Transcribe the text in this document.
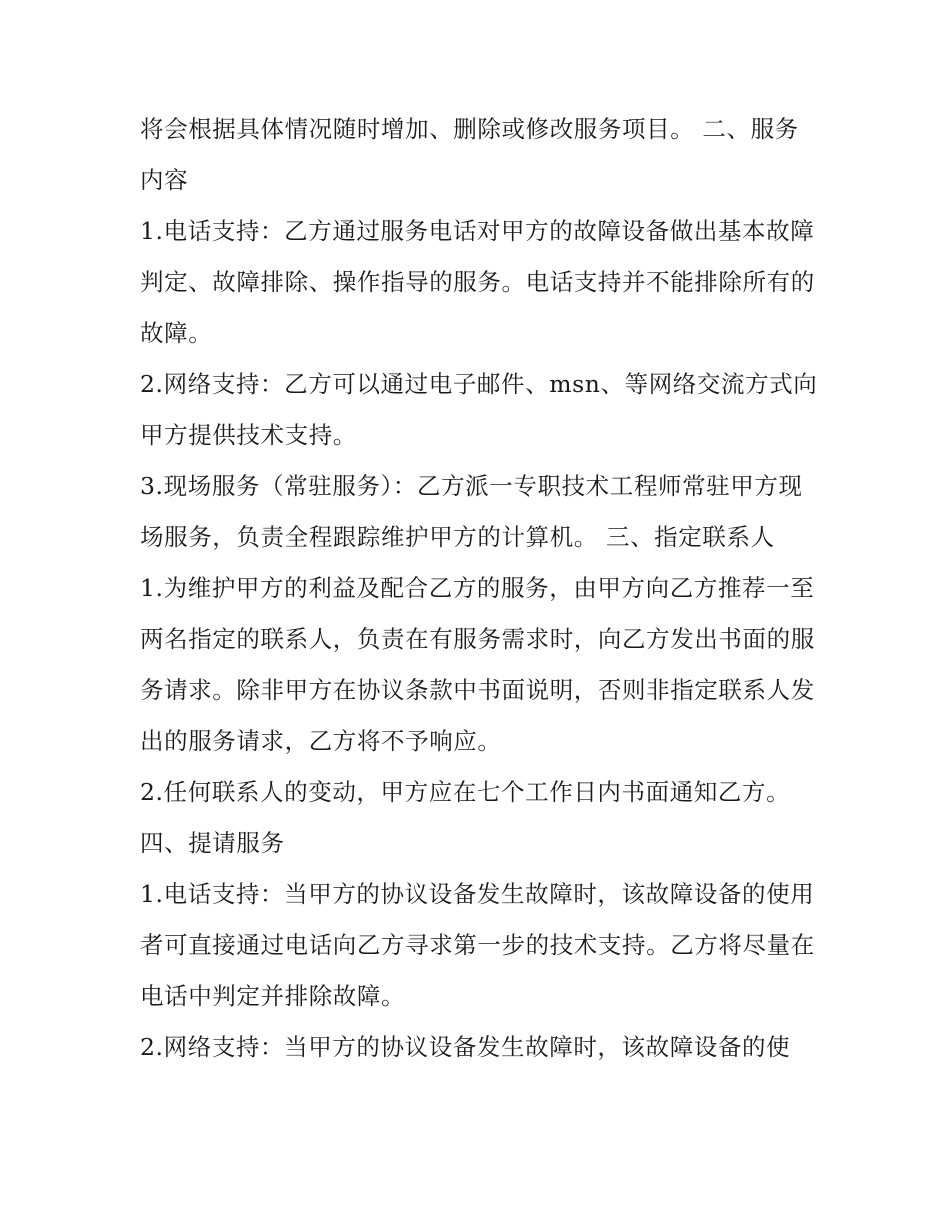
将会根据具体情况随时增加、删除或修改服务项目。 二、服务内容

1.电话支持：乙方通过服务电话对甲方的故障设备做出基本故障判定、故障排除、操作指导的服务。电话支持并不能排除所有的故障。

2.网络支持：乙方可以通过电子邮件、msn、等网络交流方式向甲方提供技术支持。

3.现场服务（常驻服务）：乙方派一专职技术工程师常驻甲方现场服务，负责全程跟踪维护甲方的计算机。 三、指定联系人

1.为维护甲方的利益及配合乙方的服务，由甲方向乙方推荐一至两名指定的联系人，负责在有服务需求时，向乙方发出书面的服务请求。除非甲方在协议条款中书面说明，否则非指定联系人发出的服务请求，乙方将不予响应。

2.任何联系人的变动，甲方应在七个工作日内书面通知乙方。

四、提请服务

1.电话支持：当甲方的协议设备发生故障时，该故障设备的使用者可直接通过电话向乙方寻求第一步的技术支持。乙方将尽量在电话中判定并排除故障。

2.网络支持：当甲方的协议设备发生故障时，该故障设备的使
